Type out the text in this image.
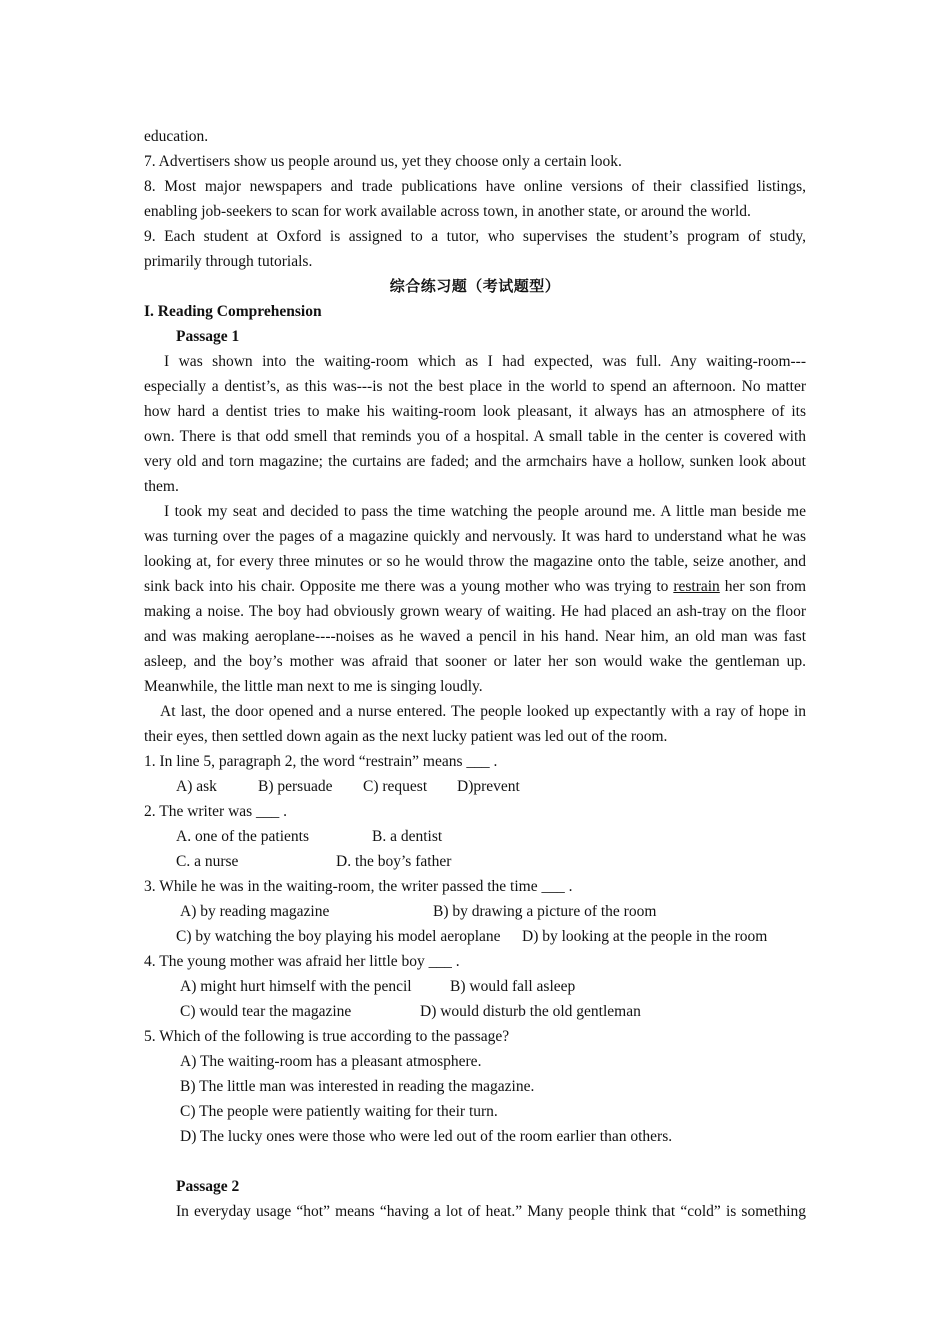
education.
7. Advertisers show us people around us, yet they choose only a certain look.
8. Most major newspapers and trade publications have online versions of their classified listings,
enabling job-seekers to scan for work available across town, in another state, or around the world.
9. Each student at Oxford is assigned to a tutor, who supervises the student’s program of study,
primarily through tutorials.
综合练习题（考试题型）
I. Reading Comprehension
Passage 1
I was shown into the waiting-room which as I had expected, was full. Any waiting-room---
especially a dentist’s, as this was---is not the best place in the world to spend an afternoon. No matter
how hard a dentist tries to make his waiting-room look pleasant, it always has an atmosphere of its
own. There is that odd smell that reminds you of a hospital. A small table in the center is covered with
very old and torn magazine; the curtains are faded; and the armchairs have a hollow, sunken look about
them.
I took my seat and decided to pass the time watching the people around me. A little man beside me
was turning over the pages of a magazine quickly and nervously. It was hard to understand what he was
looking at, for every three minutes or so he would throw the magazine onto the table, seize another, and
sink back into his chair. Opposite me there was a young mother who was trying to restrain her son from
making a noise. The boy had obviously grown weary of waiting. He had placed an ash-tray on the floor
and was making aeroplane----noises as he waved a pencil in his hand. Near him, an old man was fast
asleep, and the boy’s mother was afraid that sooner or later her son would wake the gentleman up.
Meanwhile, the little man next to me is singing loudly.
At last, the door opened and a nurse entered. The people looked up expectantly with a ray of hope in
their eyes, then settled down again as the next lucky patient was led out of the room.
1. In line 5, paragraph 2, the word “restrain” means ___ .
A) ask	B) persuade C) request D)prevent
2. The writer was ___ .
A. one of the patients	B. a dentist
C. a nurse	D. the boy’s father
3. While he was in the waiting-room, the writer passed the time ___ .
A) by reading magazine	B) by drawing a picture of the room
C) by watching the boy playing his model aeroplane D) by looking at the people in the room
4. The young mother was afraid her little boy ___ .
A) might hurt himself with the pencil B) would fall asleep
C) would tear the magazine	D) would disturb the old gentleman
5. Which of the following is true according to the passage?
A) The waiting-room has a pleasant atmosphere.
B) The little man was interested in reading the magazine.
C) The people were patiently waiting for their turn.
D) The lucky ones were those who were led out of the room earlier than others.
Passage 2
In everyday usage “hot” means “having a lot of heat.” Many people think that “cold” is something
